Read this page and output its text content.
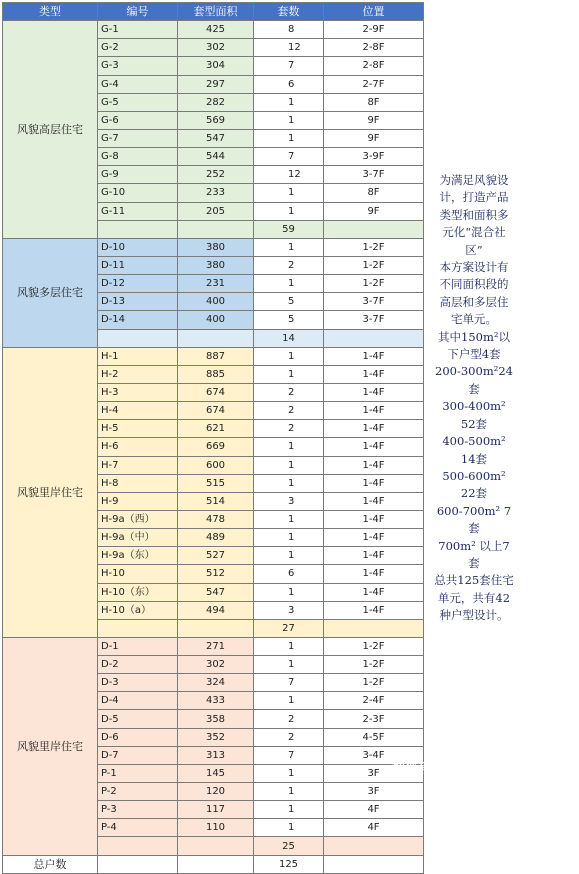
类型	编号	套型面积	套数	位置
风貌高层住宅	G-1	425	8	2-9F
	G-2	302	12	2-8F
	G-3	304	7	2-8F
	G-4	297	6	2-7F
	G-5	282	1	8F
	G-6	569	1	9F
	G-7	547	1	9F
	G-8	544	7	3-9F
	G-9	252	12	3-7F
	G-10	233	1	8F
	G-11	205	1	9F
			59	
风貌多层住宅	D-10	380	1	1-2F
	D-11	380	2	1-2F
	D-12	231	1	1-2F
	D-13	400	5	3-7F
	D-14	400	5	3-7F
			14	
风貌里岸住宅	H-1	887	1	1-4F
	H-2	885	1	1-4F
	H-3	674	2	1-4F
	H-4	674	2	1-4F
	H-5	621	2	1-4F
	H-6	669	1	1-4F
	H-7	600	1	1-4F
	H-8	515	1	1-4F
	H-9	514	3	1-4F
	H-9a（西）	478	1	1-4F
	H-9a（中）	489	1	1-4F
	H-9a（东）	527	1	1-4F
	H-10	512	6	1-4F
	H-10（东）	547	1	1-4F
	H-10（a）	494	3	1-4F
			27	
风貌里岸住宅	D-1	271	1	1-2F
	D-2	302	1	1-2F
	D-3	324	7	1-2F
	D-4	433	1	2-4F
	D-5	358	2	2-3F
	D-6	352	2	4-5F
	D-7	313	7	3-4F
	P-1	145	1	3F
	P-2	120	1	3F
	P-3	117	1	4F
	P-4	110	1	4F
			25	
总户数			125	
为满足风貌设
计，打造产品
类型和面积多
元化“混合社
区”
本方案设计有
不同面积段的
高层和多层住
宅单元。
其中150m²以
下户型4套
200-300m²24
套
300-400m²
52套
400-500m²
14套
500-600m²
22套
600-700m² 7
套
700m² 以上7
套
总共125套住宅
单元，共有42
种户型设计。
搜狐号@搜狐焦点苏州站
